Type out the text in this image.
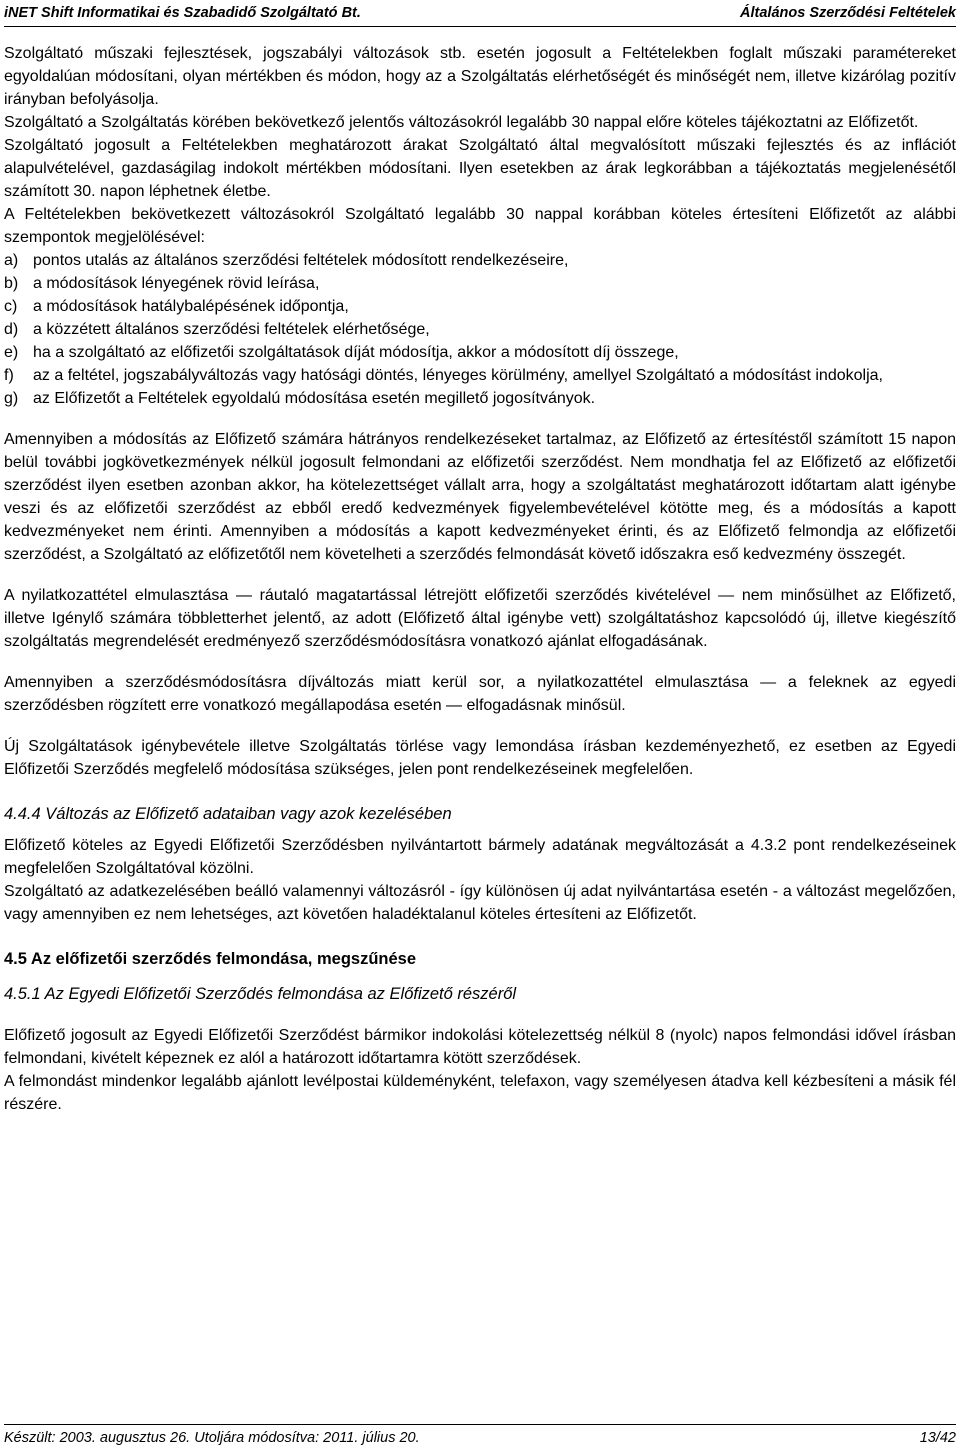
iNET Shift Informatikai és Szabadidő Szolgáltató Bt.	Általános Szerződési Feltételek

Szolgáltató műszaki fejlesztések, jogszabályi változások stb. esetén jogosult a Feltételekben foglalt műszaki paramétereket egyoldalúan módosítani, olyan mértékben és módon, hogy az a Szolgáltatás elérhetőségét és minőségét nem, illetve kizárólag pozitív irányban befolyásolja.

Szolgáltató a Szolgáltatás körében bekövetkező jelentős változásokról legalább 30 nappal előre köteles tájékoztatni az Előfizetőt.

Szolgáltató jogosult a Feltételekben meghatározott árakat Szolgáltató által megvalósított műszaki fejlesztés és az inflációt alapulvételével, gazdaságilag indokolt mértékben módosítani. Ilyen esetekben az árak legkorábban a tájékoztatás megjelenésétől számított 30. napon léphetnek életbe.

A Feltételekben bekövetkezett változásokról Szolgáltató legalább 30 nappal korábban köteles értesíteni Előfizetőt az alábbi szempontok megjelölésével:

a) pontos utalás az általános szerződési feltételek módosított rendelkezéseire,
b) a módosítások lényegének rövid leírása,
c) a módosítások hatálybalépésének időpontja,
d) a közzétett általános szerződési feltételek elérhetősége,
e) ha a szolgáltató az előfizetői szolgáltatások díját módosítja, akkor a módosított díj összege,
f)	az a feltétel, jogszabályváltozás vagy hatósági döntés, lényeges körülmény, amellyel Szolgáltató a módosítást indokolja,
g) az Előfizetőt a Feltételek egyoldalú módosítása esetén megillető jogosítványok.

Amennyiben a módosítás az Előfizető számára hátrányos rendelkezéseket tartalmaz, az Előfizető az értesítéstől számított 15 napon belül további jogkövetkezmények nélkül jogosult felmondani az előfizetői szerződést. Nem mondhatja fel az Előfizető az előfizetői szerződést ilyen esetben azonban akkor, ha kötelezettséget vállalt arra, hogy a szolgáltatást meghatározott időtartam alatt igénybe veszi és az előfizetői szerződést az ebből eredő kedvezmények figyelembevételével kötötte meg, és a módosítás a kapott kedvezményeket nem érinti. Amennyiben a módosítás a kapott kedvezményeket érinti, és az Előfizető felmondja az előfizetői szerződést, a Szolgáltató az előfizetőtől nem követelheti a szerződés felmondását követő időszakra eső kedvezmény összegét.

A nyilatkozattétel elmulasztása — ráutaló magatartással létrejött előfizetői szerződés kivételével — nem minősülhet az Előfizető, illetve Igénylő számára többletterhet jelentő, az adott (Előfizető által igénybe vett) szolgáltatáshoz kapcsolódó új, illetve kiegészítő szolgáltatás megrendelését eredményező szerződésmódosításra vonatkozó ajánlat elfogadásának.

Amennyiben a szerződésmódosításra díjváltozás miatt kerül sor, a nyilatkozattétel elmulasztása — a feleknek az egyedi szerződésben rögzített erre vonatkozó megállapodása esetén — elfogadásnak minősül.

Új Szolgáltatások igénybevétele illetve Szolgáltatás törlése vagy lemondása írásban kezdeményezhető, ez esetben az Egyedi Előfizetői Szerződés megfelelő módosítása szükséges, jelen pont rendelkezéseinek megfelelően.

4.4.4 Változás az Előfizető adataiban vagy azok kezelésében

Előfizető köteles az Egyedi Előfizetői Szerződésben nyilvántartott bármely adatának megváltozását a 4.3.2 pont rendelkezéseinek megfelelően Szolgáltatóval közölni.

Szolgáltató az adatkezelésében beálló valamennyi változásról - így különösen új adat nyilvántartása esetén - a változást megelőzően, vagy amennyiben ez nem lehetséges, azt követően haladéktalanul köteles értesíteni az Előfizetőt.

4.5 Az előfizetői szerződés felmondása, megszűnése

4.5.1 Az Egyedi Előfizetői Szerződés felmondása az Előfizető részéről

Előfizető jogosult az Egyedi Előfizetői Szerződést bármikor indokolási kötelezettség nélkül 8 (nyolc) napos felmondási idővel írásban felmondani, kivételt képeznek ez alól a határozott időtartamra kötött szerződések.

A felmondást mindenkor legalább ajánlott levélpostai küldeményként, telefaxon, vagy személyesen átadva kell kézbesíteni a másik fél részére.

Készült: 2003. augusztus 26. Utoljára módosítva: 2011. július 20.	13/42
